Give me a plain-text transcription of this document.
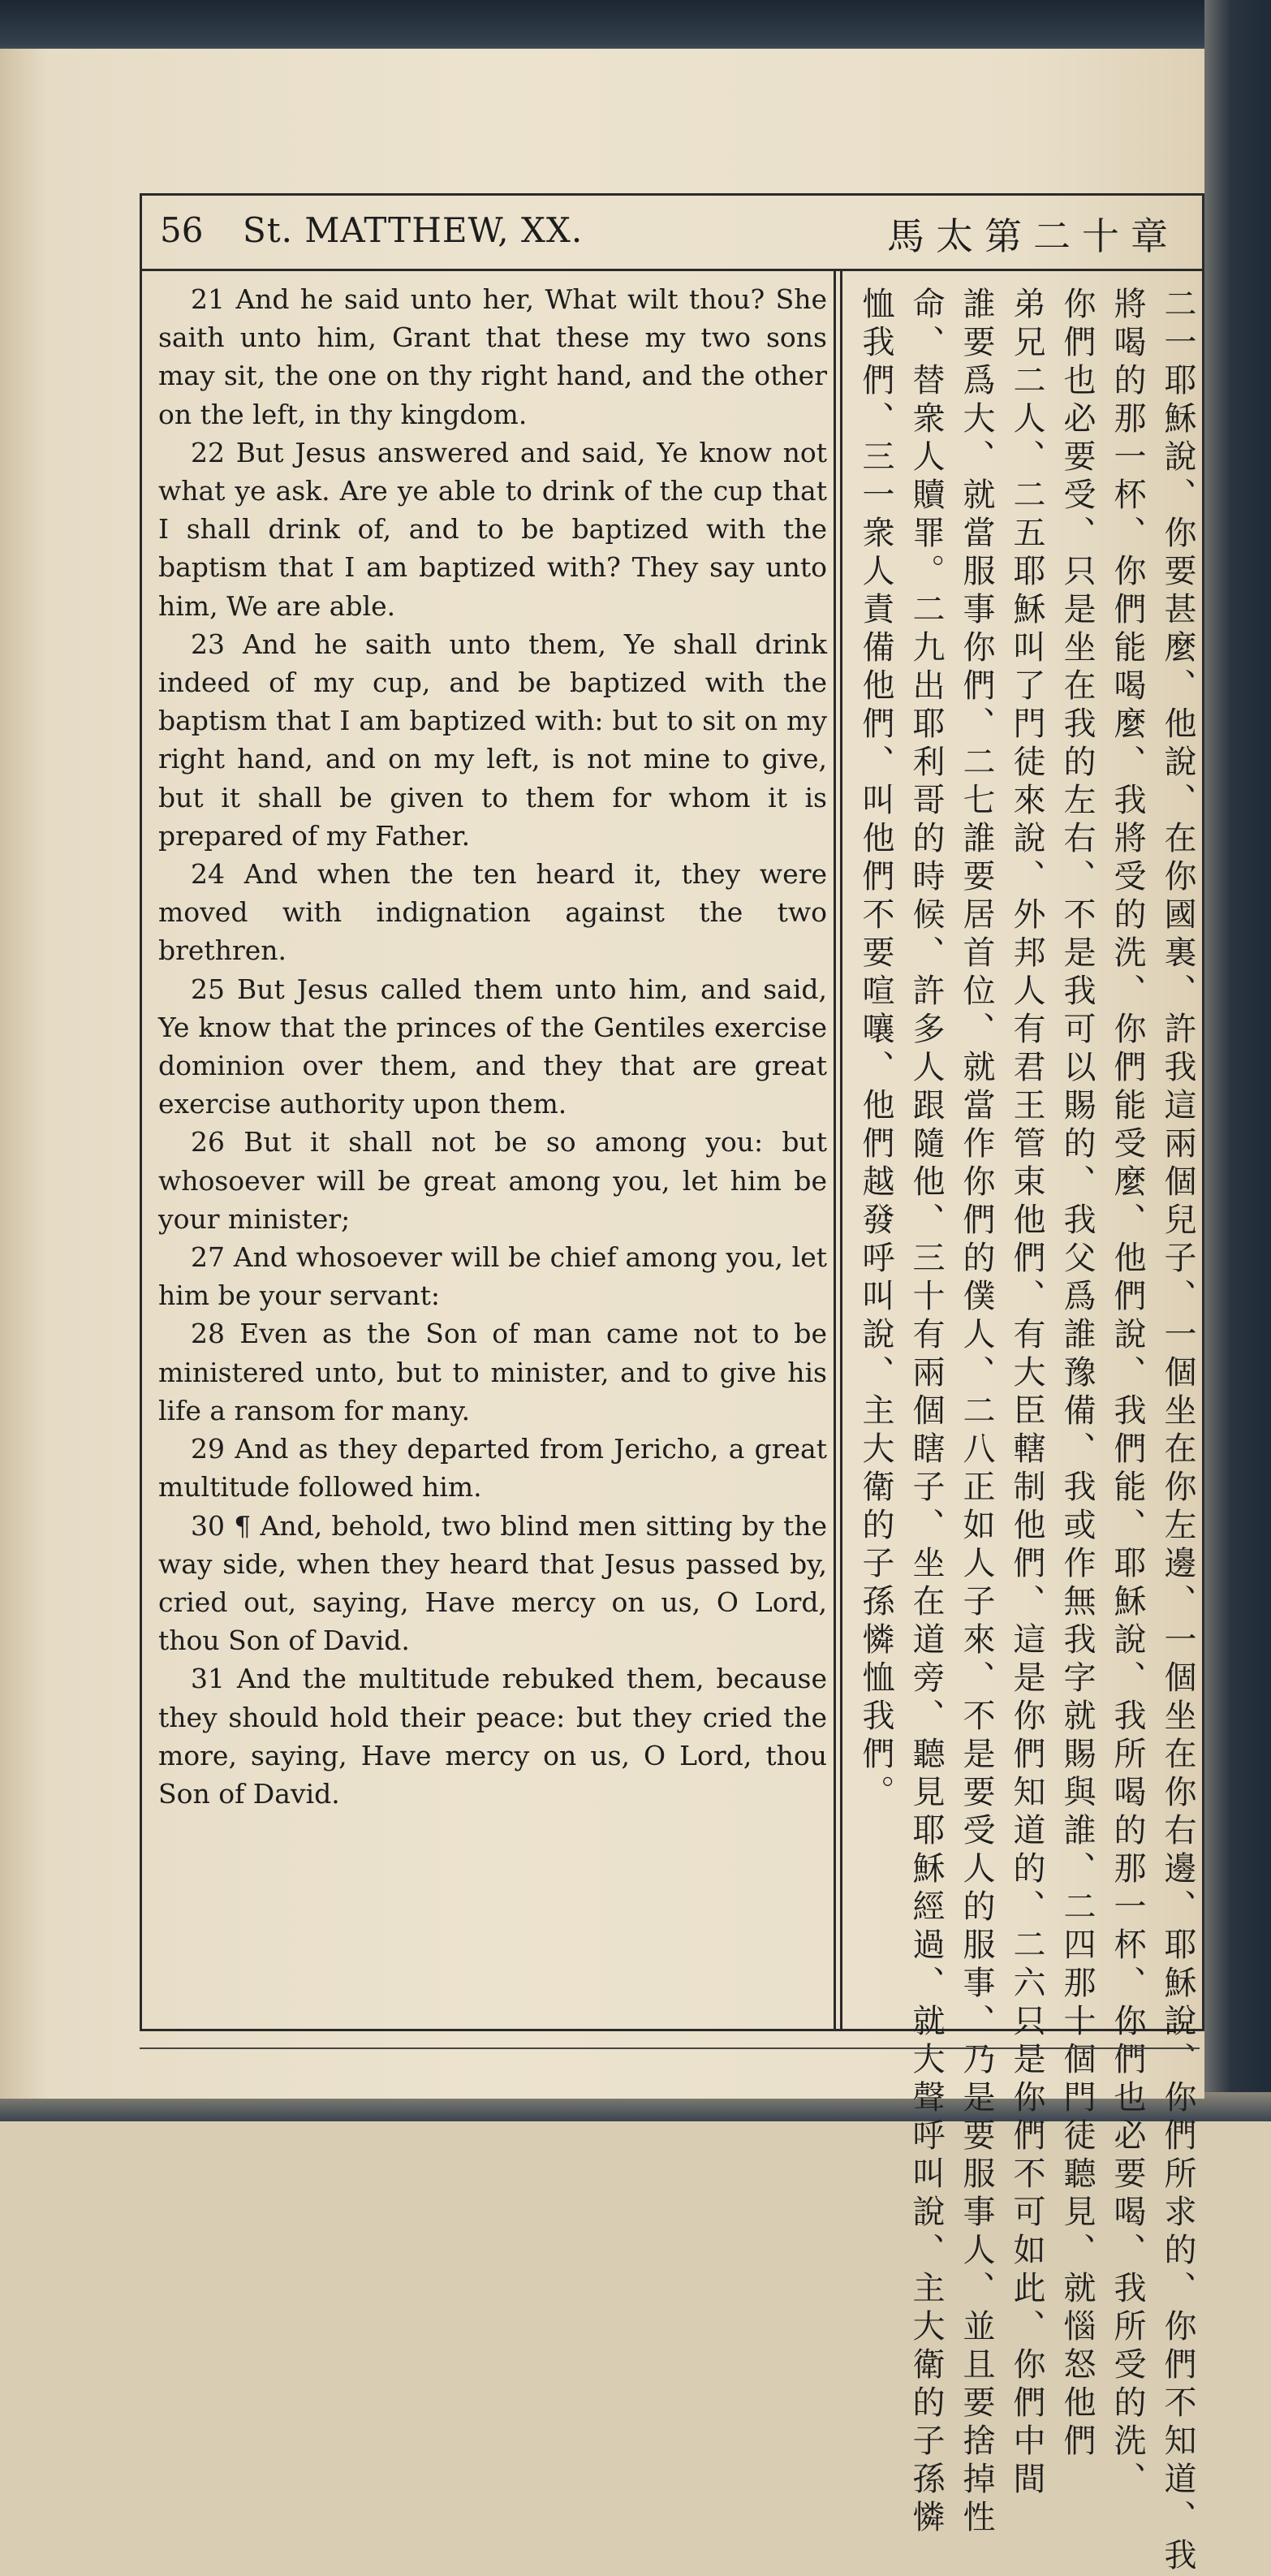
56 St. MATTHEW, XX.	馬太第二十章

21 And he said unto her, What wilt thou? She saith unto him, Grant that these my two sons may sit, the one on thy right hand, and the other on the left, in thy kingdom.

22 But Jesus answered and said, Ye know not what ye ask. Are ye able to drink of the cup that I shall drink of, and to be baptized with the baptism that I am baptized with? They say unto him, We are able.

23 And he saith unto them, Ye shall drink indeed of my cup, and be baptized with the baptism that I am baptized with: but to sit on my right hand, and on my left, is not mine to give, but it shall be given to them for whom it is prepared of my Father.

24 And when the ten heard it, they were moved with indignation against the two brethren.

25 But Jesus called them unto him, and said, Ye know that the princes of the Gentiles exercise dominion over them, and they that are great exercise authority upon them.

26 But it shall not be so among you: but whosoever will be great among you, let him be your minister;

27 And whosoever will be chief among you, let him be your servant:

28 Even as the Son of man came not to be ministered unto, but to minister, and to give his life a ransom for many.

29 And as they departed from Jericho, a great multitude followed him.

30 ¶ And, behold, two blind men sitting by the way side, when they heard that Jesus passed by, cried out, saying, Have mercy on us, O Lord, thou Son of David.

31 And the multitude rebuked them, because they should hold their peace: but they cried the more, saying, Have mercy on us, O Lord, thou Son of David.	二一耶穌說、你要甚麼、他說、在你國裏、許我這兩個兒子、一個坐在你左邊、一個坐在你右邊、耶穌說、你們所求的、你們不知道、我
將喝的那一杯、你們能喝麼、我將受的洗、你們能受麼、他們說、我們能、耶穌說、我所喝的那一杯、你們也必要喝、我所受的洗、
你們也必要受、只是坐在我的左右、不是我可以賜的、我父爲誰豫備、我或作無我字就賜與誰、二四那十個門徒聽見、就惱怒他們
弟兄二人、二五耶穌叫了門徒來說、外邦人有君王管束他們、有大臣轄制他們、這是你們知道的、二六只是你們不可如此、你們中間
誰要爲大、就當服事你們、二七誰要居首位、就當作你們的僕人、二八正如人子來、不是要受人的服事、乃是要服事人、並且要捨掉性
命、替衆人贖罪。二九出耶利哥的時候、許多人跟隨他、三十有兩個瞎子、坐在道旁、聽見耶穌經過、就大聲呼叫說、主大衛的子孫憐
恤我們、三一衆人責備他們、叫他們不要喧嚷、他們越發呼叫說、主大衛的子孫憐恤我們。
